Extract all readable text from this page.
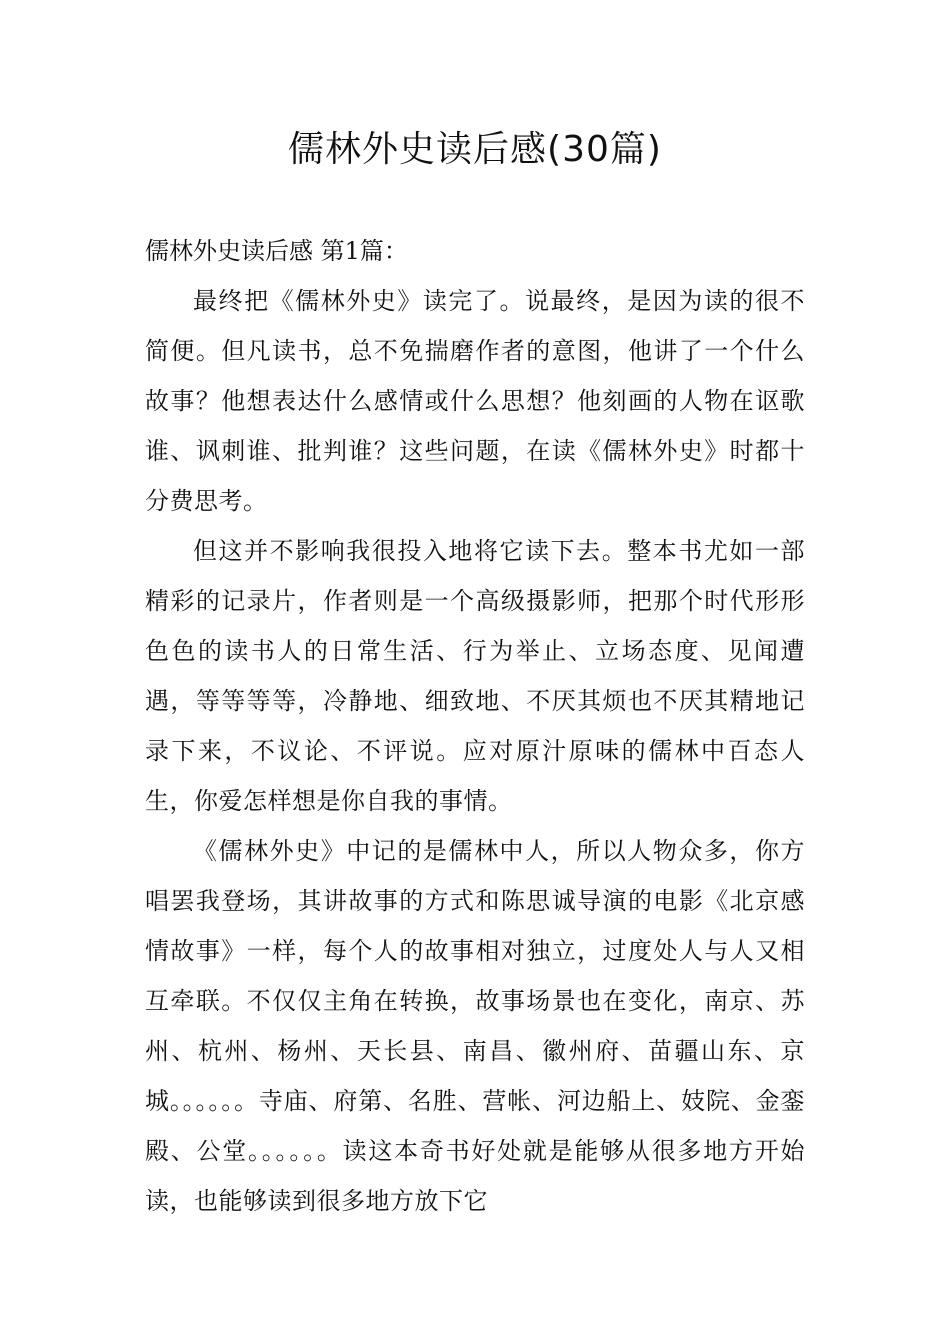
儒林外史读后感(30篇)

儒林外史读后感 第1篇：

最终把《儒林外史》读完了。说最终，是因为读的很不简便。但凡读书，总不免揣磨作者的意图，他讲了一个什么故事？他想表达什么感情或什么思想？他刻画的人物在讴歌谁、讽刺谁、批判谁？这些问题，在读《儒林外史》时都十分费思考。

但这并不影响我很投入地将它读下去。整本书尤如一部精彩的记录片，作者则是一个高级摄影师，把那个时代形形色色的读书人的日常生活、行为举止、立场态度、见闻遭遇，等等等等，冷静地、细致地、不厌其烦也不厌其精地记录下来，不议论、不评说。应对原汁原味的儒林中百态人生，你爱怎样想是你自我的事情。

《儒林外史》中记的是儒林中人，所以人物众多，你方唱罢我登场，其讲故事的方式和陈思诚导演的电影《北京感情故事》一样，每个人的故事相对独立，过度处人与人又相互牵联。不仅仅主角在转换，故事场景也在变化，南京、苏州、杭州、杨州、天长县、南昌、徽州府、苗疆山东、京城。。。。。。寺庙、府第、名胜、营帐、河边船上、妓院、金銮殿、公堂。。。。。。读这本奇书好处就是能够从很多地方开始读，也能够读到很多地方放下它
